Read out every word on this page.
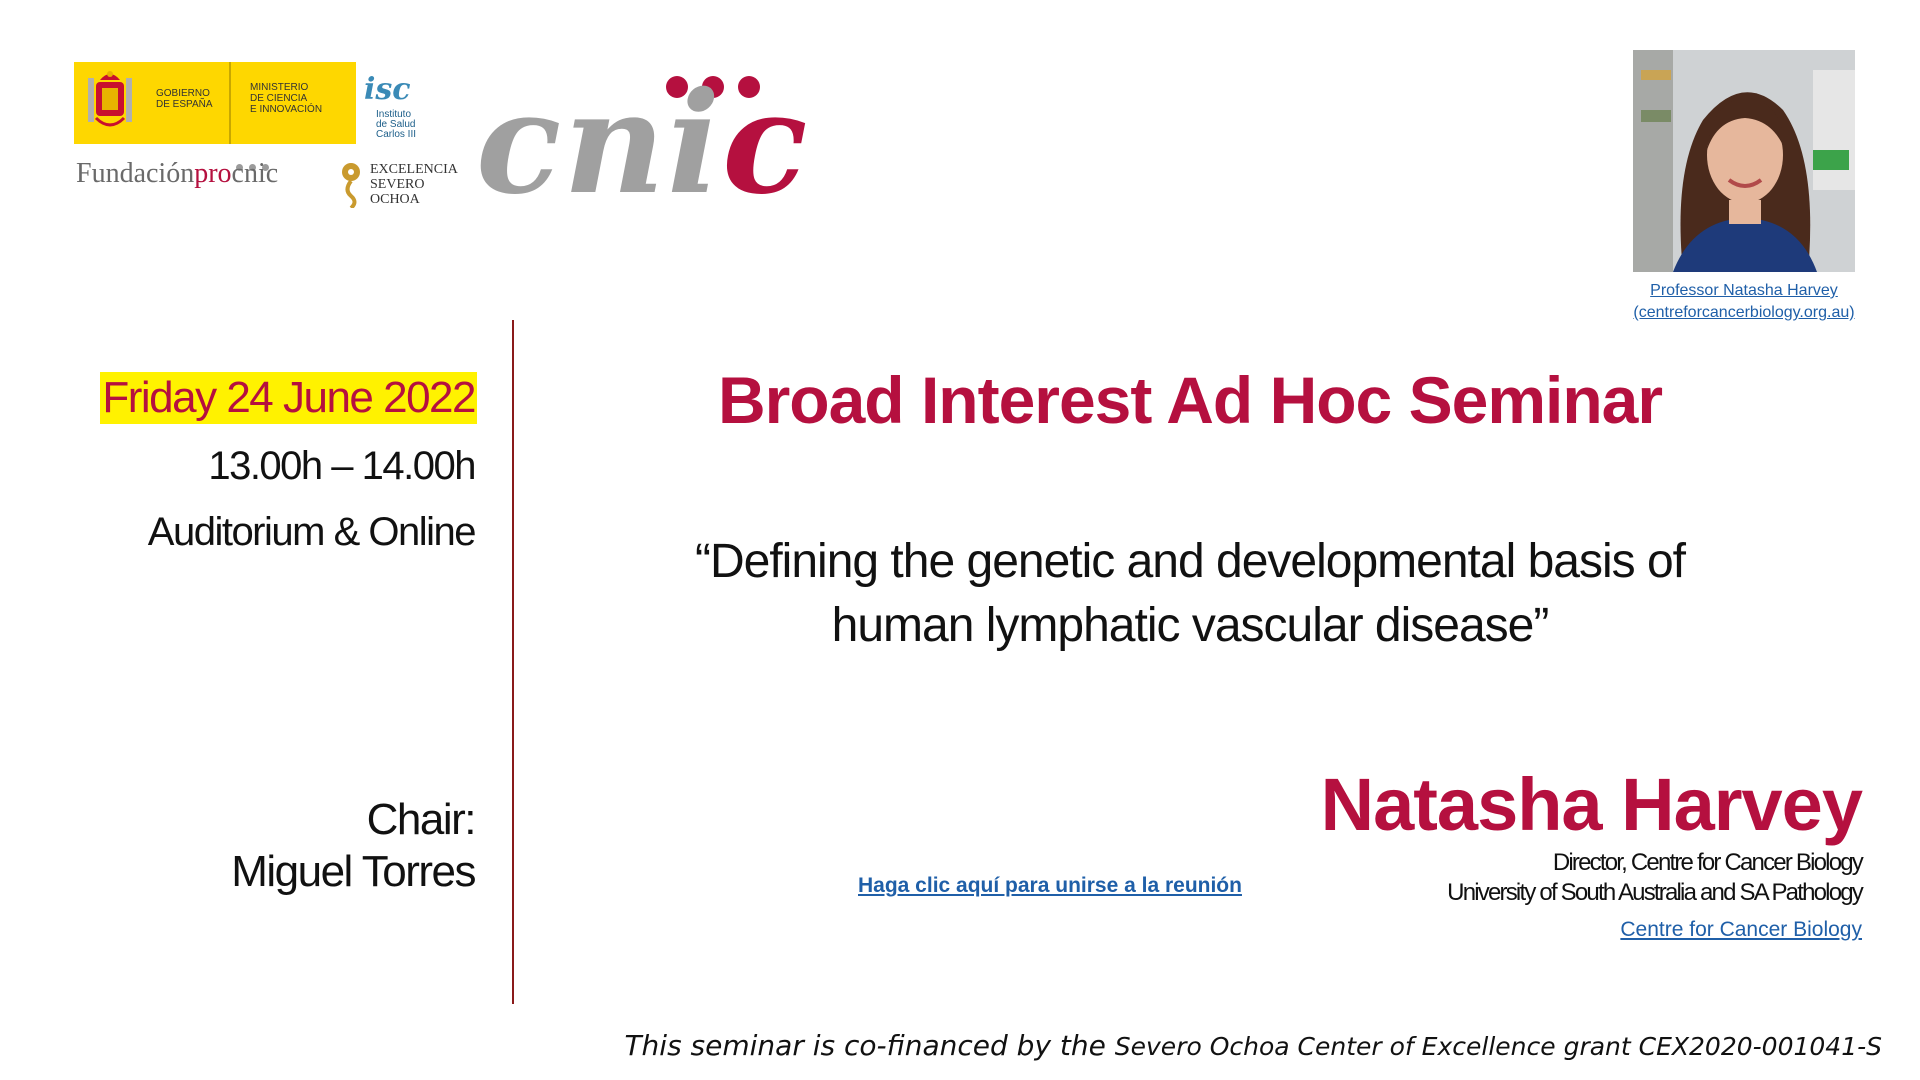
GOBIERNO
DE ESPAÑA
MINISTERIO
DE CIENCIA
E INNOVACIÓN
isc
Instituto
de Salud
Carlos III
Fundaciónprocnic	EXCELENCIA
SEVERO
OCHOA cnic
Professor Natasha Harvey
(centreforcancerbiology.org.au)
Friday 24 June 2022
13.00h – 14.00h
Auditorium & Online
Chair:
Miguel Torres
Broad Interest Ad Hoc Seminar
“Defining the genetic and developmental basis of
human lymphatic vascular disease”
Haga clic aquí para unirse a la reunión
Natasha Harvey
Director, Centre for Cancer Biology
University of South Australia and SA Pathology
Centre for Cancer Biology
This seminar is co-financed by the Severo Ochoa Center of Excellence grant CEX2020-001041-S
